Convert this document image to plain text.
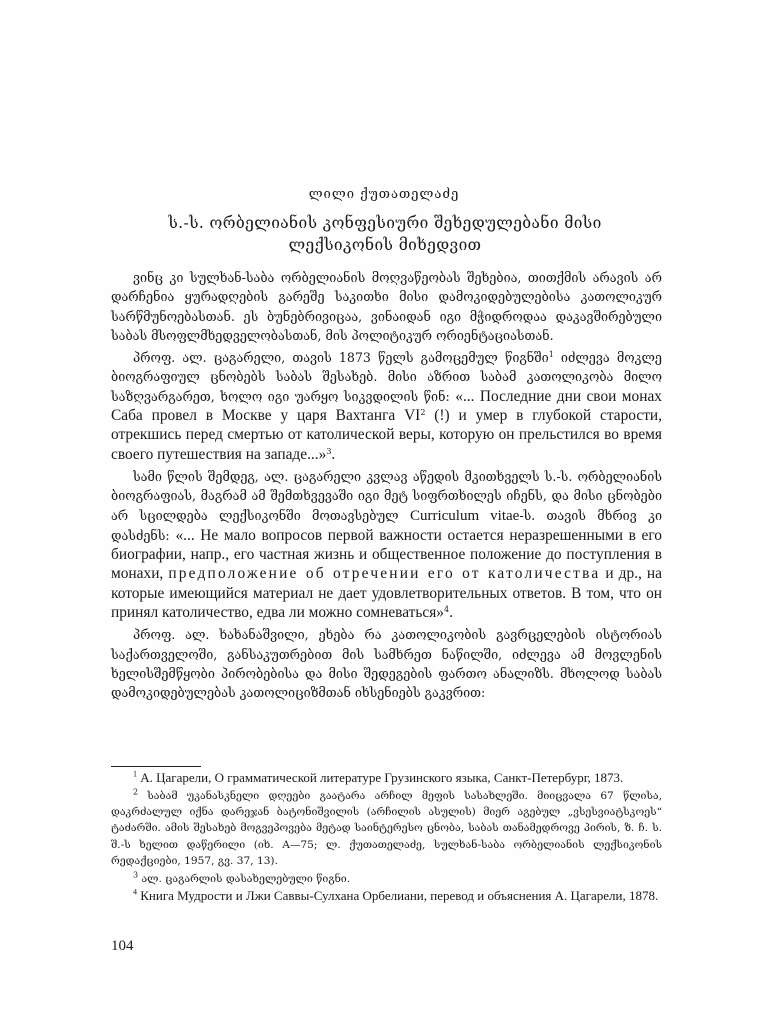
ლილი ქუთათელაძე
ს.-ს. ორბელიანის კონფესიური შეხედულებანი მისი ლექსიკონის მიხედვით

ვინც კი სულხან-საბა ორბელიანის მოღვაწეობას შეხებია, თითქმის არავის არ დარჩენია ყურადღების გარეშე საკითხი მისი დამოკიდებულებისა კათოლიკურ სარწმუნოებასთან. ეს ბუნებრივიცაა, ვინაიდან იგი მჭიდროდაა დაკავშირებული საბას მსოფლმხედველობასთან, მის პოლიტიკურ ორიენტაციასთან.

პროფ. ალ. ცაგარელი, თავის 1873 წელს გამოცემულ წიგნში$^1$ იძლევა მოკლე ბიოგრაფიულ ცნობებს საბას შესახებ. მისი აზრით საბამ კათოლიკობა მილო საზღვარგარეთ, ხოლო იგი უარყო სიკვდილის წინ: «... Последние дни свои монах Саба провел в Москве у царя Вахтанга $VI^2$ (!) и умер в глубокой старости, отрекшись перед смертью от католической веры, которую он прельстился во время своего путешествия на западе...»$^3$.

სამი წლის შემდეგ, ალ. ცაგარელი კვლავ აწედის მკითხველს ს.-ს. ორბელიანის ბიოგრაფიას, მაგრამ ამ შემთხვევაში იგი მეტ სიფრთხილეს იჩენს, და მისი ცნობები არ სცილდება ლექსიკონში მოთავსებულ Curriculum vitae-ს. თავის მხრივ კი დასძენს: «... Не мало вопросов первой важности остается неразрешенными в его биографии, напр., его частная жизнь и общественное положение до поступления в монахи, предположение об отречении его от католичества и др., на которые имеющийся материал не дает удовлетворительных ответов. В том, что он принял католичество, едва ли можно сомневаться»$^4$.

პროფ. ალ. ხახანაშვილი, ეხება რა კათოლიკობის გავრცელების ისტორიას საქართველოში, განსაკუთრებით მის სამხრეთ ნაწილში, იძლევა ამ მოვლენის ხელისშემწყობი პირობებისა და მისი შედეგების ფართო ანალიზს. მხოლოდ საბას დამოკიდებულებას კათოლიციზმთან იხსენიებს გაკვრით:

$^1$ А. Цагарели, О грамматической литературе Грузинского языка, Санкт-Петербург, 1873.

$^2$ საბამ უკანასკნელი დღეები გაატარა არჩილ მეფის სასახლეში. მიიცვალა 67 წლისა, დაკრძალულ იქნა დარეჯან ბატონიშვილის (არჩილის ასულის) მიერ აგებულ „ვსესვიატსკოეს“ ტაძარში. ამის შესახებ მოგვეპოვება მეტად საინტერესო ცნობა, საბას თანამედროვე პირის, ზ. ჩ. ს. შ.-ს ხელით დაწერილი (იხ. A—75; ლ. ქუთათელაძე, სულხან-საბა ორბელიანის ლექსიკონის რედაქციები, 1957, გვ. 37, 13).

$^3$ ალ. ცაგარლის დასახელებული წიგნი.

$^4$ Книга Мудрости и Лжи Саввы-Сулхана Орбелиани, перевод и объяснения А. Цагарели, 1878.

104
